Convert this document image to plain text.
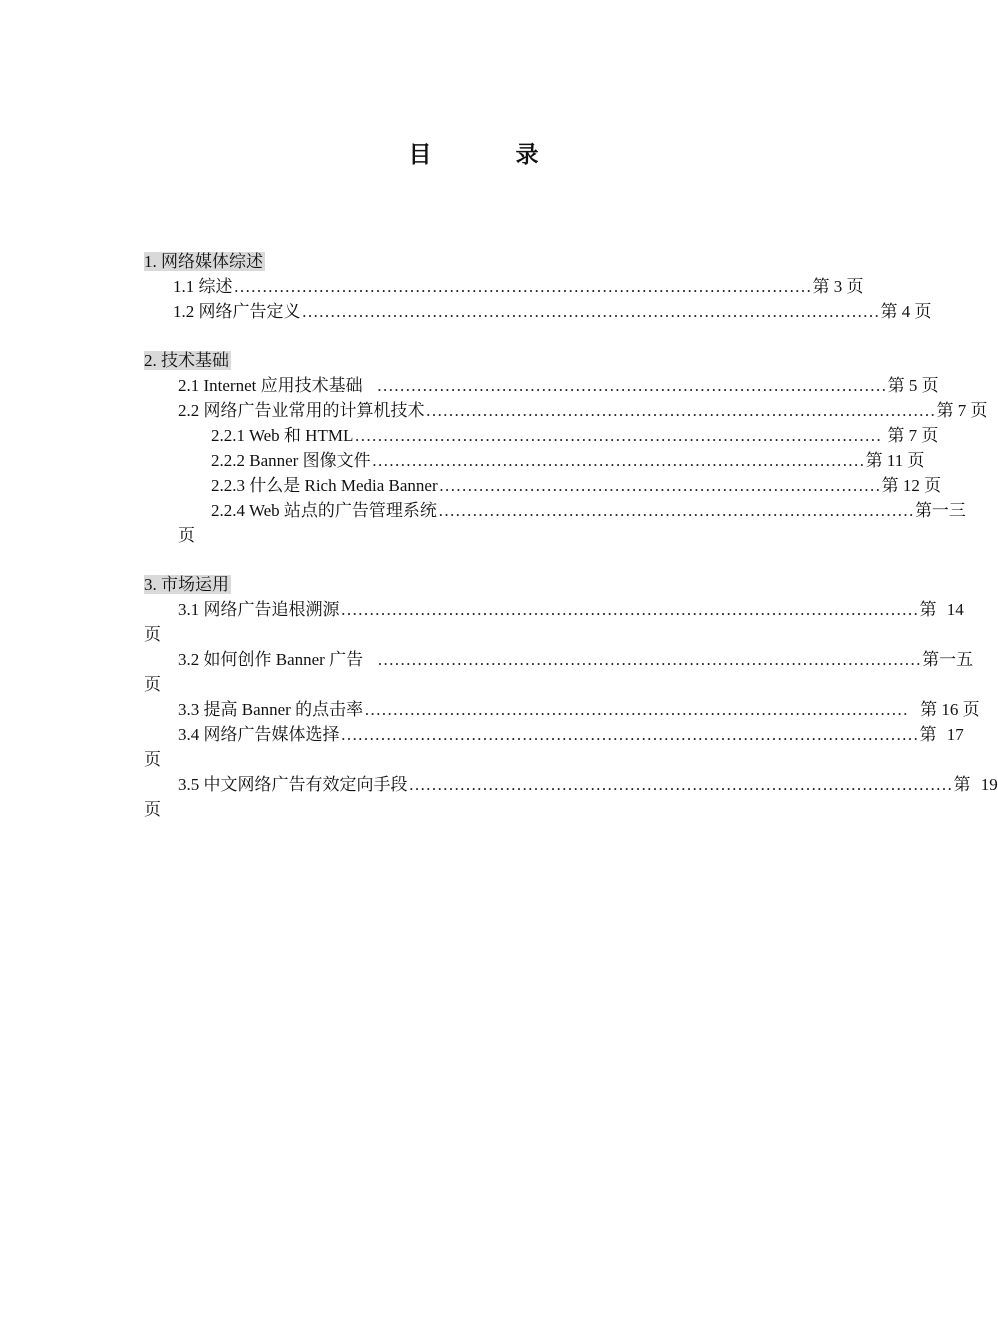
目 录
1. 网络媒体综述
1.1 综述 ………………………………………………………………………………………… 第 3 页
1.2 网络广告定义 ………………………………………………………………………………………… 第 4 页
2. 技术基础
2.1 Internet 应用技术基础 ……………………………………………………………………………… 第 5 页
2.2 网络广告业常用的计算机技术 ……………………………………………………………………………… 第 7 页
2.2.1 Web 和 HTML ………………………………………………………………………………… 第 7 页
2.2.2 Banner 图像文件 …………………………………………………………………………… 第 11 页
2.2.3 什么是 Rich Media Banner …………………………………………………………………… 第 12 页
2.2.4 Web 站点的广告管理系统 ………………………………………………………………………… 第一三
页
3. 市场运用
3.1 网络广告追根溯源 ………………………………………………………………………………………… 第 14
页
3.2 如何创作 Banner 广告 …………………………………………………………………………………… 第一五
页
3.3 提高 Banner 的点击率 …………………………………………………………………………………… 第 16 页
3.4 网络广告媒体选择 ………………………………………………………………………………………… 第 17
页
3.5 中文网络广告有效定向手段 …………………………………………………………………………………… 第 19
页
